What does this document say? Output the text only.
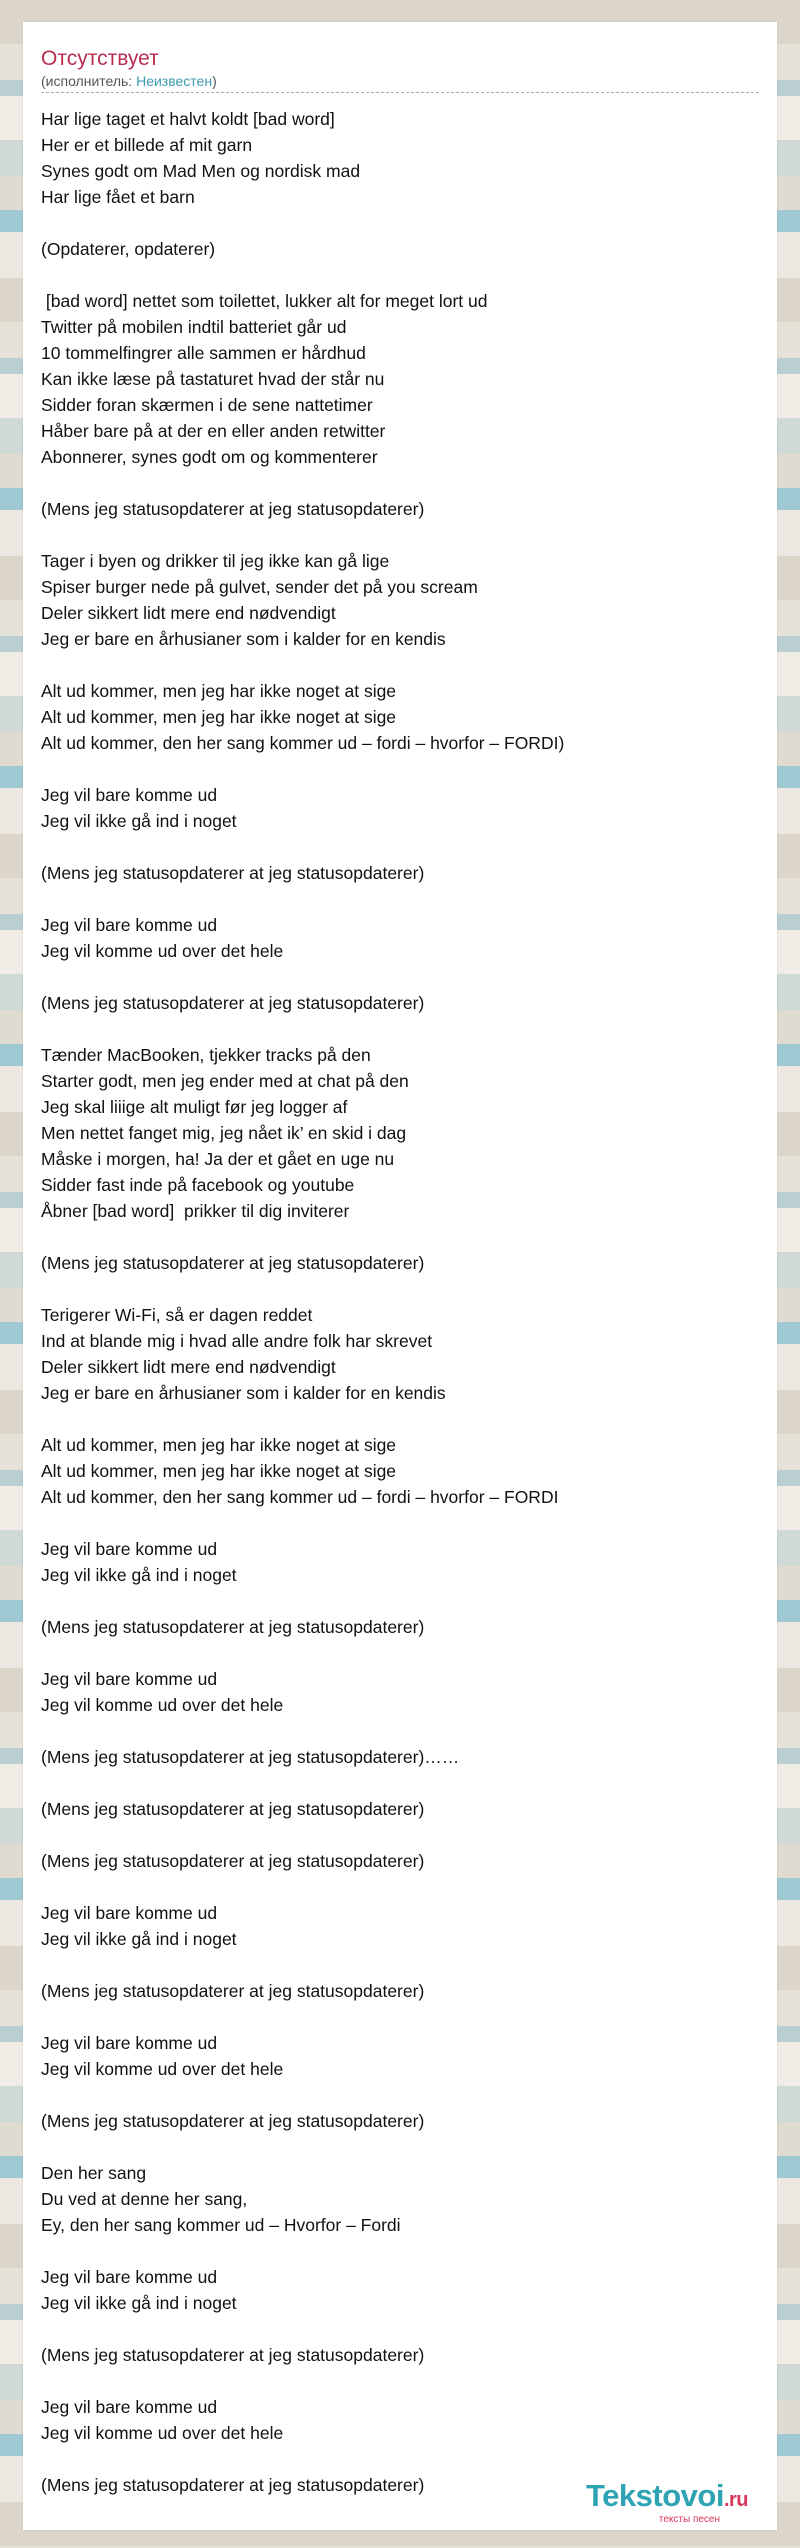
Отсутствует
(исполнитель: Неизвестен)
Har lige taget et halvt koldt [bad word]
Her er et billede af mit garn
Synes godt om Mad Men og nordisk mad
Har lige fået et barn
(Opdaterer, opdaterer)
[bad word] nettet som toilettet, lukker alt for meget lort ud
Twitter på mobilen indtil batteriet går ud
10 tommelfingrer alle sammen er hårdhud
Kan ikke læse på tastaturet hvad der står nu
Sidder foran skærmen i de sene nattetimer
Håber bare på at der en eller anden retwitter
Abonnerer, synes godt om og kommenterer
(Mens jeg statusopdaterer at jeg statusopdaterer)
Tager i byen og drikker til jeg ikke kan gå lige
Spiser burger nede på gulvet, sender det på you scream
Deler sikkert lidt mere end nødvendigt
Jeg er bare en århusianer som i kalder for en kendis
Alt ud kommer, men jeg har ikke noget at sige
Alt ud kommer, men jeg har ikke noget at sige
Alt ud kommer, den her sang kommer ud – fordi – hvorfor – FORDI)
Jeg vil bare komme ud
Jeg vil ikke gå ind i noget
(Mens jeg statusopdaterer at jeg statusopdaterer)
Jeg vil bare komme ud
Jeg vil komme ud over det hele
(Mens jeg statusopdaterer at jeg statusopdaterer)
Tænder MacBooken, tjekker tracks på den
Starter godt, men jeg ender med at chat på den
Jeg skal liiige alt muligt før jeg logger af
Men nettet fanget mig, jeg nået ik’ en skid i dag
Måske i morgen, ha! Ja der et gået en uge nu
Sidder fast inde på facebook og youtube
Åbner [bad word]  prikker til dig inviterer
(Mens jeg statusopdaterer at jeg statusopdaterer)
Terigerer Wi-Fi, så er dagen reddet
Ind at blande mig i hvad alle andre folk har skrevet
Deler sikkert lidt mere end nødvendigt
Jeg er bare en århusianer som i kalder for en kendis
Alt ud kommer, men jeg har ikke noget at sige
Alt ud kommer, men jeg har ikke noget at sige
Alt ud kommer, den her sang kommer ud – fordi – hvorfor – FORDI
Jeg vil bare komme ud
Jeg vil ikke gå ind i noget
(Mens jeg statusopdaterer at jeg statusopdaterer)
Jeg vil bare komme ud
Jeg vil komme ud over det hele
(Mens jeg statusopdaterer at jeg statusopdaterer)……
(Mens jeg statusopdaterer at jeg statusopdaterer)
(Mens jeg statusopdaterer at jeg statusopdaterer)
Jeg vil bare komme ud
Jeg vil ikke gå ind i noget
(Mens jeg statusopdaterer at jeg statusopdaterer)
Jeg vil bare komme ud
Jeg vil komme ud over det hele
(Mens jeg statusopdaterer at jeg statusopdaterer)
Den her sang
Du ved at denne her sang,
Ey, den her sang kommer ud – Hvorfor – Fordi
Jeg vil bare komme ud
Jeg vil ikke gå ind i noget
(Mens jeg statusopdaterer at jeg statusopdaterer)
Jeg vil bare komme ud
Jeg vil komme ud over det hele
(Mens jeg statusopdaterer at jeg statusopdaterer)	Tekstovoi.ru
тексты песен
